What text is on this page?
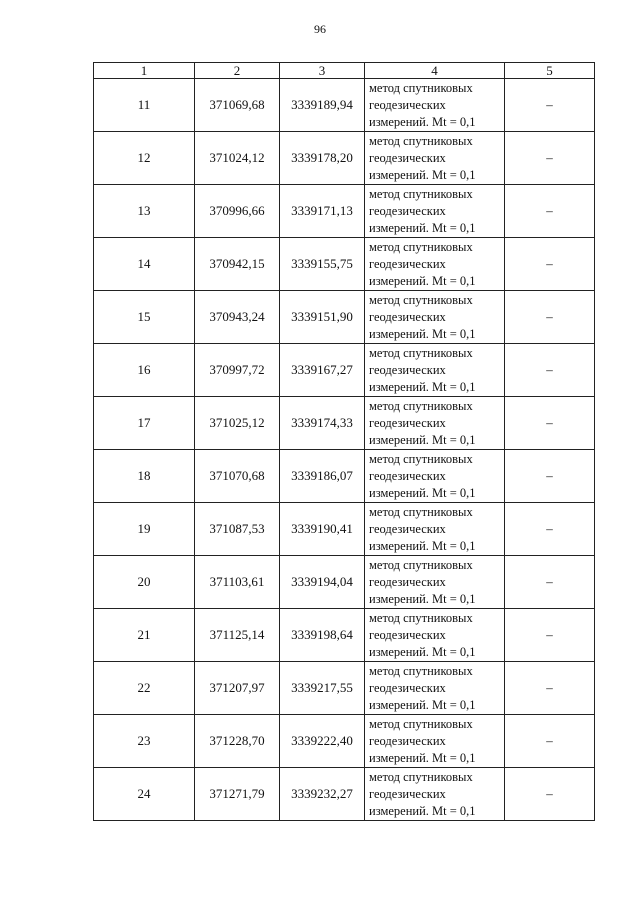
96
1	2	3	4	5
11	371069,68	3339189,94	метод спутниковых
геодезических
измерений. Mt = 0,1	–
12	371024,12	3339178,20	метод спутниковых
геодезических
измерений. Mt = 0,1	–
13	370996,66	3339171,13	метод спутниковых
геодезических
измерений. Mt = 0,1	–
14	370942,15	3339155,75	метод спутниковых
геодезических
измерений. Mt = 0,1	–
15	370943,24	3339151,90	метод спутниковых
геодезических
измерений. Mt = 0,1	–
16	370997,72	3339167,27	метод спутниковых
геодезических
измерений. Mt = 0,1	–
17	371025,12	3339174,33	метод спутниковых
геодезических
измерений. Mt = 0,1	–
18	371070,68	3339186,07	метод спутниковых
геодезических
измерений. Mt = 0,1	–
19	371087,53	3339190,41	метод спутниковых
геодезических
измерений. Mt = 0,1	–
20	371103,61	3339194,04	метод спутниковых
геодезических
измерений. Mt = 0,1	–
21	371125,14	3339198,64	метод спутниковых
геодезических
измерений. Mt = 0,1	–
22	371207,97	3339217,55	метод спутниковых
геодезических
измерений. Mt = 0,1	–
23	371228,70	3339222,40	метод спутниковых
геодезических
измерений. Mt = 0,1	–
24	371271,79	3339232,27	метод спутниковых
геодезических
измерений. Mt = 0,1	–
